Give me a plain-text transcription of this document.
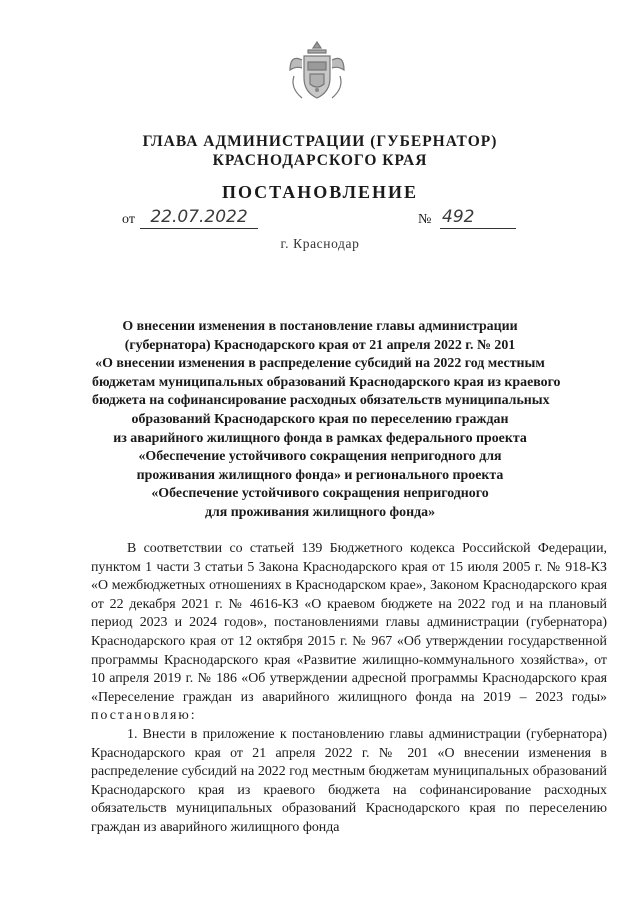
ГЛАВА АДМИНИСТРАЦИИ (ГУБЕРНАТОР)
КРАСНОДАРСКОГО КРАЯ
ПОСТАНОВЛЕНИЕ
от 22.07.2022	№ 492
г. Краснодар
О внесении изменения в постановление главы администрации
(губернатора) Краснодарского края от 21 апреля 2022 г. № 201
«О внесении изменения в распределение субсидий на 2022 год местным
бюджетам муниципальных образований Краснодарского края из краевого
бюджета на софинансирование расходных обязательств муниципальных
образований Краснодарского края по переселению граждан
из аварийного жилищного фонда в рамках федерального проекта
«Обеспечение устойчивого сокращения непригодного для
проживания жилищного фонда» и регионального проекта
«Обеспечение устойчивого сокращения непригодного
для проживания жилищного фонда»

В соответствии со статьей 139 Бюджетного кодекса Российской Федерации, пунктом 1 части 3 статьи 5 Закона Краснодарского края от 15 июля 2005 г. № 918-КЗ «О межбюджетных отношениях в Краснодарском крае», Законом Краснодарского края от 22 декабря 2021 г. № 4616-КЗ «О краевом бюджете на 2022 год и на плановый период 2023 и 2024 годов», постановлениями главы администрации (губернатора) Краснодарского края от 12 октября 2015 г. № 967 «Об утверждении государственной программы Краснодарского края «Развитие жилищно-коммунального хозяйства», от 10 апреля 2019 г. № 186 «Об утверждении адресной программы Краснодарского края «Переселение граждан из аварийного жилищного фонда на 2019 – 2023 годы» постановляю:

1. Внести в приложение к постановлению главы администрации (губернатора) Краснодарского края от 21 апреля 2022 г. № 201 «О внесении изменения в распределение субсидий на 2022 год местным бюджетам муниципальных образований Краснодарского края из краевого бюджета на софинансирование расходных обязательств муниципальных образований Краснодарского края по переселению граждан из аварийного жилищного фонда
